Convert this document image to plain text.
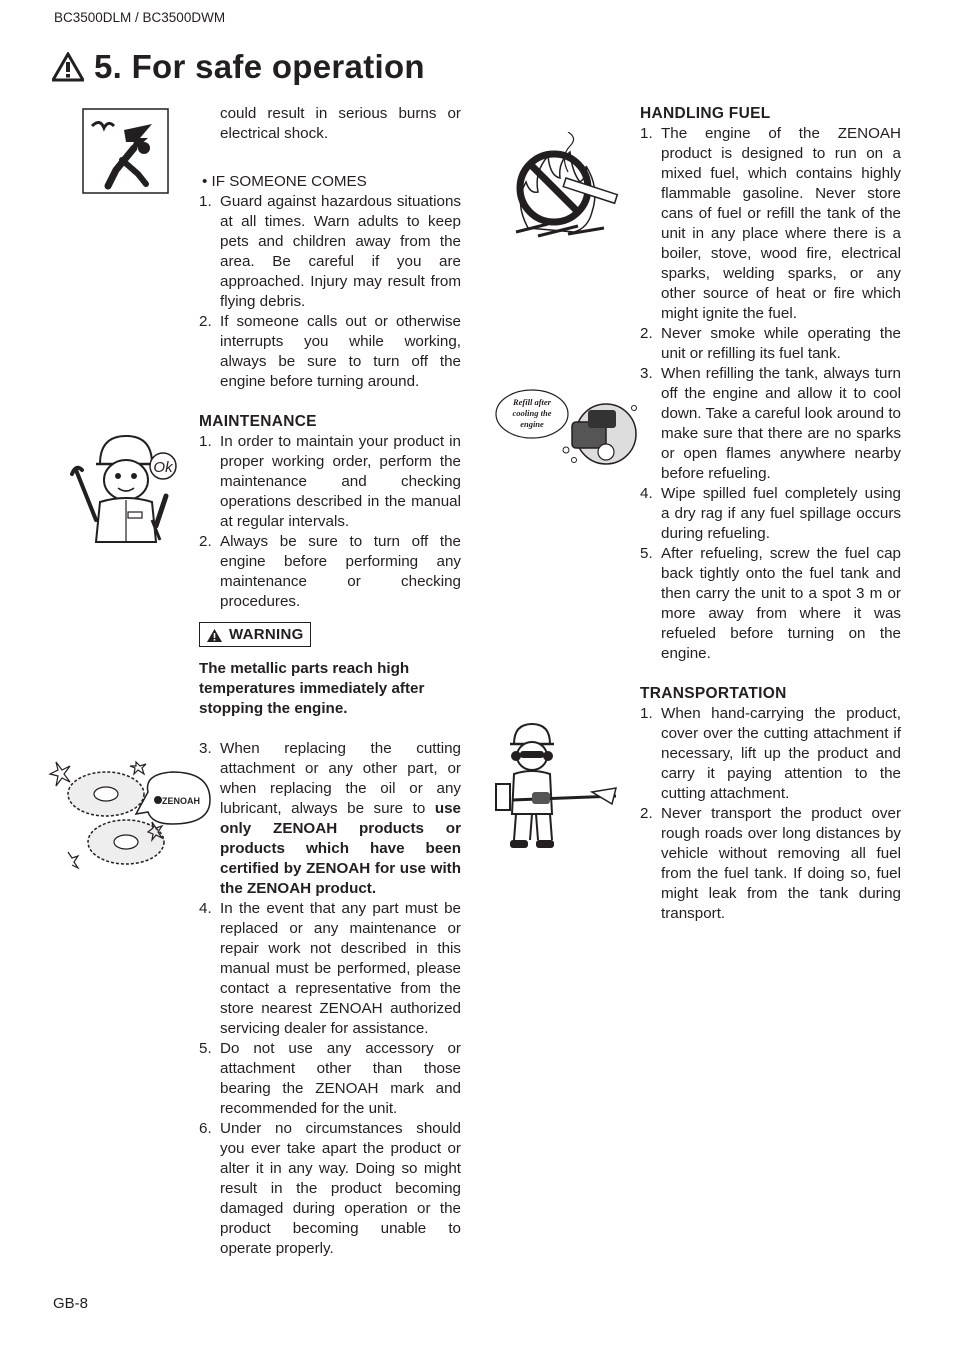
BC3500DLM / BC3500DWM
5. For safe operation

could result in serious burns or electrical shock.

• IF SOMEONE COMES

1. Guard against hazardous situations at all times. Warn adults to keep pets and children away from the area. Be careful if you are approached. Injury may result from flying debris.
2. If someone calls out or otherwise interrupts you while working, always be sure to turn off the engine before turning around.
MAINTENANCE
1. In order to maintain your product in proper working order, perform the maintenance and checking operations described in the manual at regular intervals.
2. Always be sure to turn off the engine before performing any maintenance or checking procedures.
WARNING

The metallic parts reach high temperatures immediately after stopping the engine.

3. When replacing the cutting attachment or any other part, or when replacing the oil or any lubricant, always be sure to use only ZENOAH products or products which have been certified by ZENOAH for use with the ZENOAH product.
4. In the event that any part must be replaced or any maintenance or repair work not described in this manual must be performed, please contact a representative from the store nearest ZENOAH authorized servicing dealer for assistance.
5. Do not use any accessory or attachment other than those bearing the ZENOAH mark and recommended for the unit.
6. Under no circumstances should you ever take apart the product or alter it in any way. Doing so might result in the product becoming damaged during operation or the product becoming unable to operate properly.
Ok
ZENOAH
HANDLING FUEL
1. The engine of the ZENOAH product is designed to run on a mixed fuel, which contains highly flammable gasoline. Never store cans of fuel or refill the tank of the unit in any place where there is a boiler, stove, wood fire, electrical sparks, welding sparks, or any other source of heat or fire which might ignite the fuel.
2. Never smoke while operating the unit or refilling its fuel tank.
3. When refilling the tank, always turn off the engine and allow it to cool down. Take a careful look around to make sure that there are no sparks or open flames anywhere nearby before refueling.
4. Wipe spilled fuel completely using a dry rag if any fuel spillage occurs during refueling.
5. After refueling, screw the fuel cap back tightly onto the fuel tank and then carry the unit to a spot 3 m or more away from where it was refueled before turning on the engine.
TRANSPORTATION
1. When hand-carrying the product, cover over the cutting attachment if necessary, lift up the product and carry it paying attention to the cutting attachment.
2. Never transport the product over rough roads over long distances by vehicle without removing all fuel from the fuel tank. If doing so, fuel might leak from the tank during transport.
Refill after
cooling the
engine
GB-8
